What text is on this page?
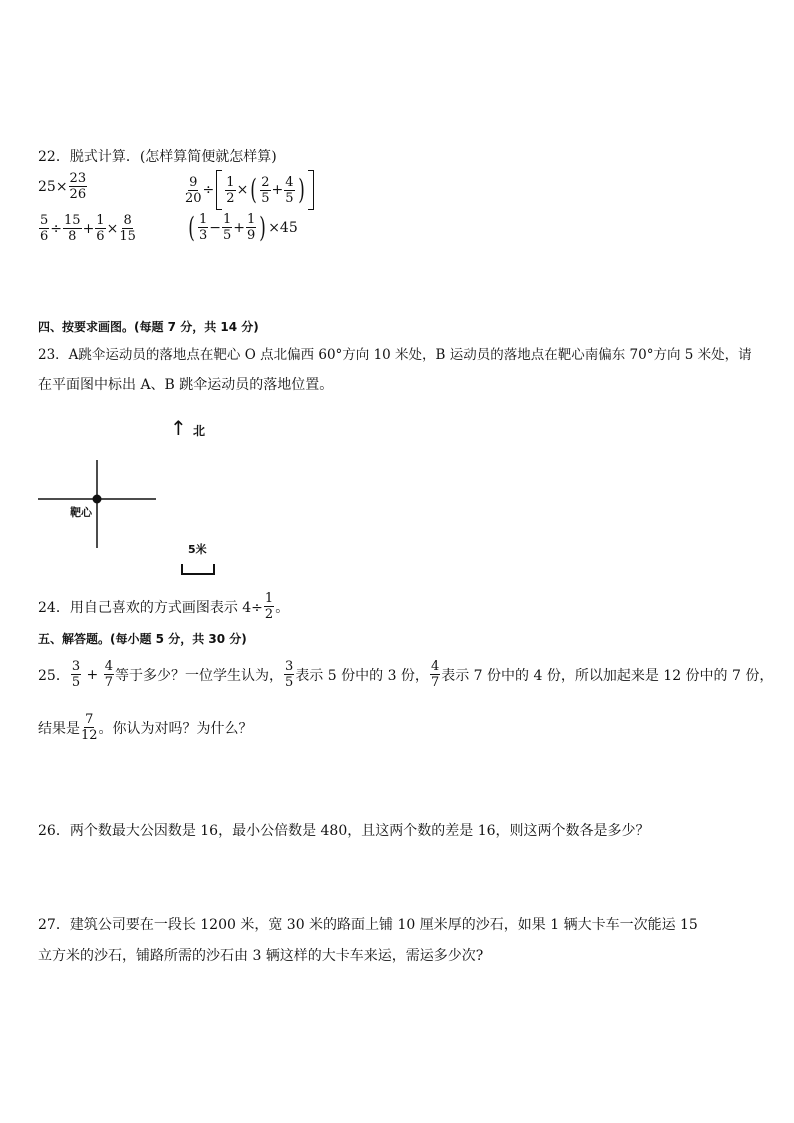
22．脱式计算．(怎样算简便就怎样算)
$25\times \frac{23}{26}$	$\frac{9}{20} \div \frac{1}{2}$ × ( $\frac{2}{5} + \frac{4}{5}$ )
$\frac{5}{6} \div \frac{15}{8} + \frac{1}{6} \times \frac{8}{15}$ ( $\frac{1}{3} - \frac{1}{5} + \frac{1}{9}$ ) ×45
四、按要求画图。(每题 7 分，共 14 分)
23．A跳伞运动员的落地点在靶心 O 点北偏西 60°方向 10 米处，B 运动员的落地点在靶心南偏东 70°方向 5 米处，请
在平面图中标出 A、B 跳伞运动员的落地位置。
↑ 北
靶心
5米
24．用自己喜欢的方式画图表示 $4\div \frac{1}{2}$ 。
五、解答题。(每小题 5 分，共 30 分)
25． $\frac{3}{5} + \frac{4}{7}$ 等于多少？一位学生认为， $\frac{3}{5}$ 表示 5 份中的 3 份， $\frac{4}{7}$ 表示 7 份中的 4 份，所以加起来是 12 份中的 7 份，
结果是 $\frac{7}{12}$ 。你认为对吗？为什么？
26．两个数最大公因数是 16，最小公倍数是 480，且这两个数的差是 16，则这两个数各是多少？
27．建筑公司要在一段长 1200 米，宽 30 米的路面上铺 10 厘米厚的沙石，如果 1 辆大卡车一次能运 15
立方米的沙石，铺路所需的沙石由 3 辆这样的大卡车来运，需运多少次?
